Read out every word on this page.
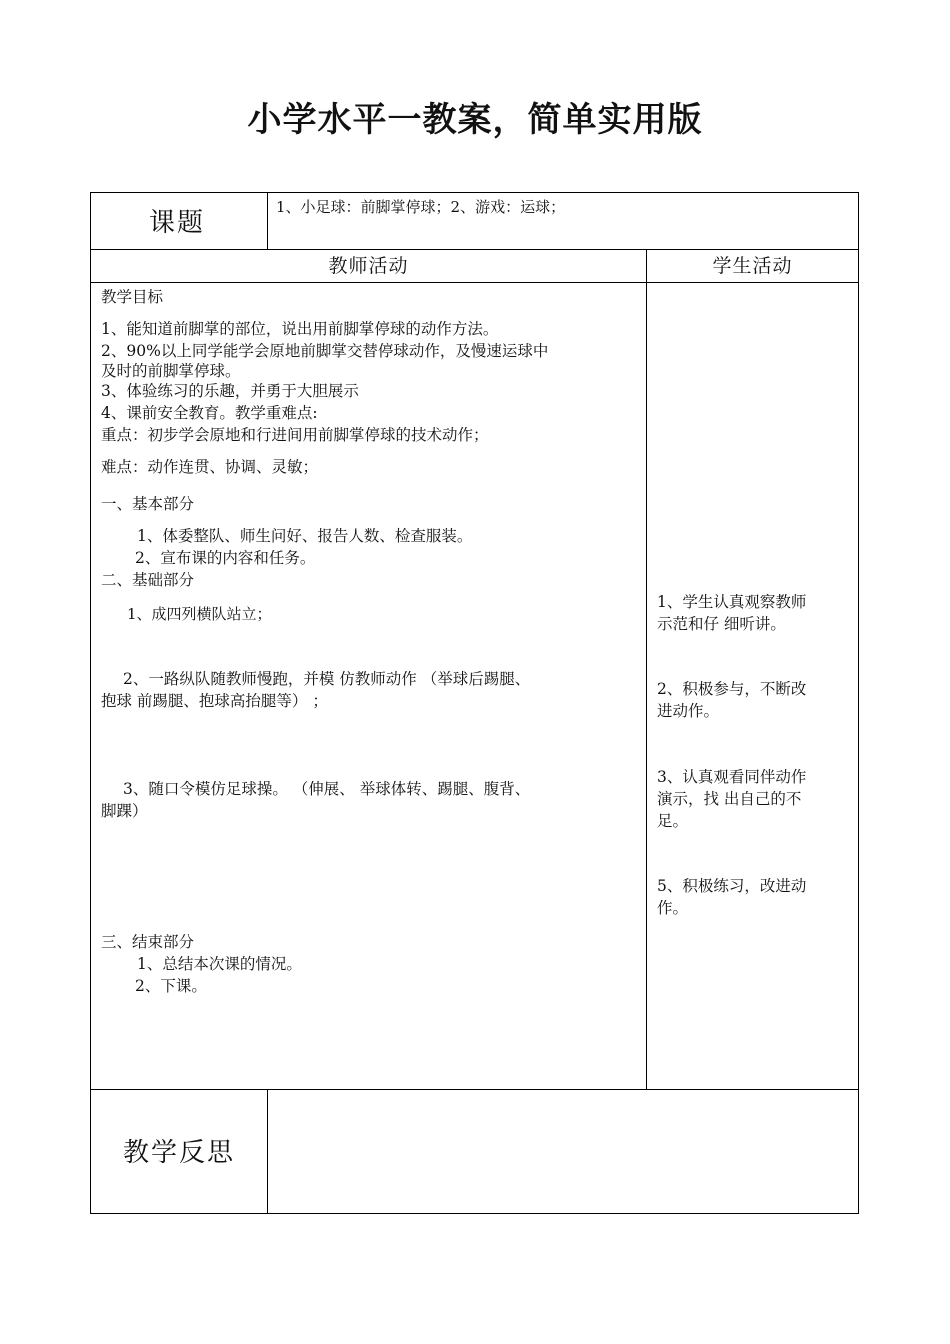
小学水平一教案，简单实用版
课题
1、小足球：前脚掌停球；2、游戏：运球；
教师活动	学生活动
教学目标
1、能知道前脚掌的部位，说出用前脚掌停球的动作方法。
2、90%以上同学能学会原地前脚掌交替停球动作，及慢速运球中
及时的前脚掌停球。
3、体验练习的乐趣，并勇于大胆展示
4、课前安全教育。教学重难点:
重点：初步学会原地和行进间用前脚掌停球的技术动作；
难点：动作连贯、协调、灵敏；
一、基本部分
1、体委整队、师生问好、报告人数、检查服装。
2、宣布课的内容和任务。
二、基础部分
1、成四列横队站立；
2、一路纵队随教师慢跑，并模 仿教师动作 （举球后踢腿、
抱球 前踢腿、抱球高抬腿等） ；
3、随口令模仿足球操。 （伸展、 举球体转、踢腿、腹背、
脚踝）
三、结束部分
1、总结本次课的情况。
2、下课。
1、学生认真观察教师
示范和仔 细听讲。
2、积极参与，不断改
进动作。
3、认真观看同伴动作
演示，找 出自己的不
足。
5、积极练习，改进动
作。
教学反思
